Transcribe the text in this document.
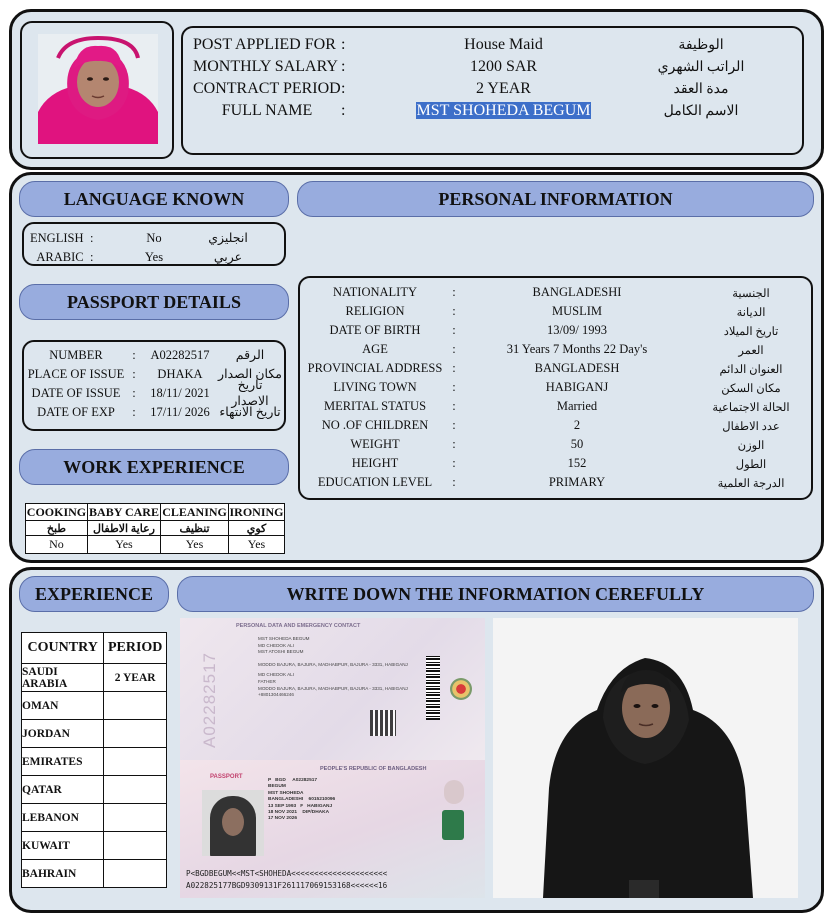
POST APPLIED FOR :	House Maid	الوظيفة
MONTHLY SALARY :	1200 SAR	الراتب الشهري
CONTRACT PERIOD :	2 YEAR	مدة العقد
FULL NAME	:	MST SHOHEDA BEGUM	الاسم الكامل
LANGUAGE KNOWN	PERSONAL INFORMATION
ENGLISH :	No	انجليزي
ARABIC :	Yes	عربي
PASSPORT DETAILS
NUMBER	:	A02282517	الرقم
PLACE OF ISSUE :	DHAKA	مكان الصدار
DATE OF ISSUE :	18/11/ 2021
تاريخ الاصدار
DATE OF EXP	:	17/11/ 2026 تاريخ الانتهاء
WORK EXPERIENCE
COOKING	BABY CARE	CLEANING	IRONING
طبخ	رعاية الاطفال	تنظيف	كوي
No	Yes	Yes	Yes
NATIONALITY	:	BANGLADESHI	الجنسية
RELIGION	:	MUSLIM	الديانة
DATE OF BIRTH	:	13/09/ 1993	تاريخ الميلاد
AGE	:	31 Years 7 Months 22 Day's	العمر
PROVINCIAL ADDRESS :	BANGLADESH	العنوان الدائم
LIVING TOWN	:	HABIGANJ	مكان السكن
MERITAL STATUS	:	Married	الحالة الاجتماعية
NO .OF CHILDREN	:	2	عدد الاطفال
WEIGHT	:	50	الوزن
HEIGHT	:	152	الطول
EDUCATION LEVEL	:	PRIMARY	الدرجة العلمية
EXPERIENCE	WRITE DOWN THE INFORMATION CEREFULLY
COUNTRY	PERIOD
SAUDI ARABIA	2 YEAR
OMAN	
JORDAN	
EMIRATES	
QATAR	
LEBANON	
KUWAIT	
BAHRAIN	
A02282517
PERSONAL DATA AND EMERGENCY CONTACT
MST SHOHEDA BEGUM
MD CHEDOK ALI
MST ATOSHI BEGUM
MODDO BAJURA, BAJURA, MADHABPUR, BAJURA - 3331, HABIGANJ
MD CHEDOK ALI
FATHER
MODDO BAJURA, BAJURA, MADHABPUR, BAJURA - 3331, HABIGANJ
+8801304466246
PEOPLE'S REPUBLIC OF BANGLADESH
PASSPORT
P BGD A02282517
BEGUM
MST SHOHEDA
BANGLADESHI 6015210096
13 SEP 1993 F HABIGANJ
18 NOV 2021 DIP/DHAKA
17 NOV 2026
P<BGDBEGUM<<MST<SHOHEDA<<<<<<<<<<<<<<<<<<<<<
A022825177BGD9309131F261117069153168<<<<<<16
